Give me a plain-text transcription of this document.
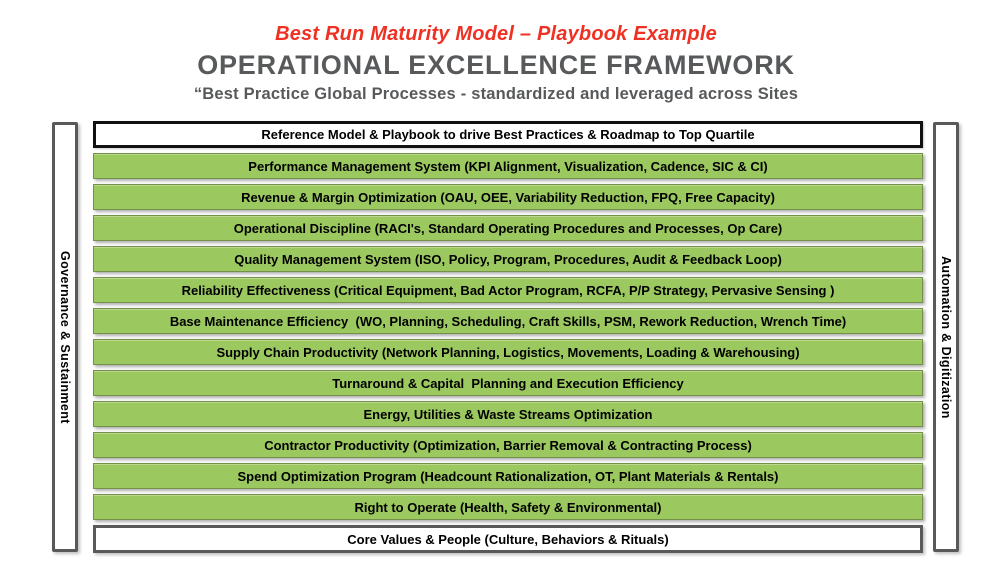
Best Run Maturity Model – Playbook Example
OPERATIONAL EXCELLENCE FRAMEWORK
“Best Practice Global Processes - standardized and leveraged across Sites
Governance & Sustainment	Automation & Digitization
Reference Model & Playbook to drive Best Practices & Roadmap to Top Quartile
Performance Management System (KPI Alignment, Visualization, Cadence, SIC & CI)
Revenue & Margin Optimization (OAU, OEE, Variability Reduction, FPQ, Free Capacity)
Operational Discipline (RACI's, Standard Operating Procedures and Processes, Op Care)
Quality Management System (ISO, Policy, Program, Procedures, Audit & Feedback Loop)
Reliability Effectiveness (Critical Equipment, Bad Actor Program, RCFA, P/P Strategy, Pervasive Sensing )
Base Maintenance Efficiency  (WO, Planning, Scheduling, Craft Skills, PSM, Rework Reduction, Wrench Time)
Supply Chain Productivity (Network Planning, Logistics, Movements, Loading & Warehousing)
Turnaround & Capital  Planning and Execution Efficiency
Energy, Utilities & Waste Streams Optimization
Contractor Productivity (Optimization, Barrier Removal & Contracting Process)
Spend Optimization Program (Headcount Rationalization, OT, Plant Materials & Rentals)
Right to Operate (Health, Safety & Environmental)
Core Values & People (Culture, Behaviors & Rituals)
